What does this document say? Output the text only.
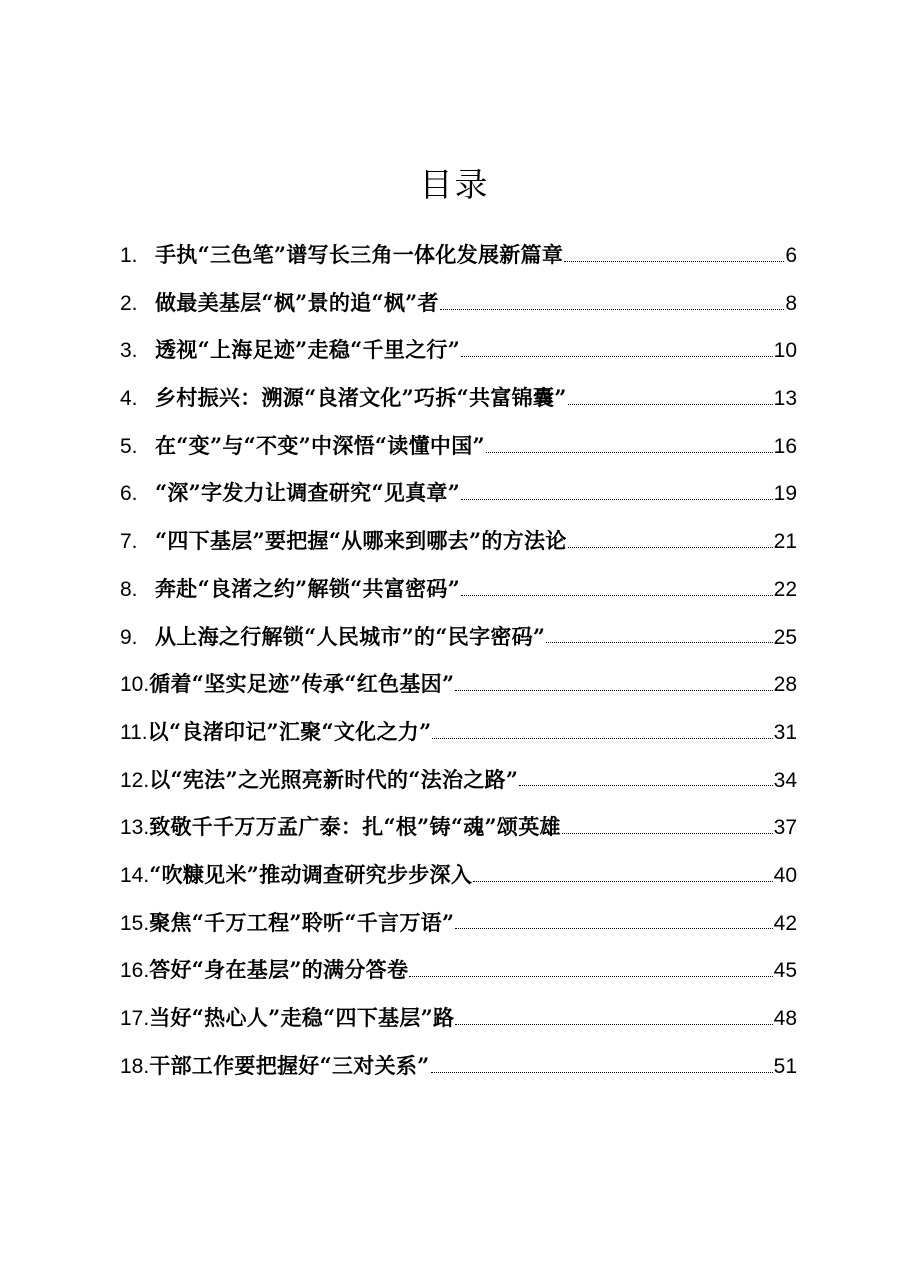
目录
1. 手执“三色笔”谱写长三角一体化发展新篇章	6
2. 做最美基层“枫”景的追“枫”者	8
3. 透视“上海足迹”走稳“千里之行”	10
4. 乡村振兴：溯源“良渚文化”巧拆“共富锦囊”	13
5. 在“变”与“不变”中深悟“读懂中国”	16
6. “深”字发力让调查研究“见真章”	19
7. “四下基层”要把握“从哪来到哪去”的方法论	21
8. 奔赴“良渚之约”解锁“共富密码”	22
9. 从上海之行解锁“人民城市”的“民字密码”	25
10. 循着“坚实足迹”传承“红色基因”	28
11. 以“良渚印记”汇聚“文化之力”	31
12. 以“宪法”之光照亮新时代的“法治之路”	34
13. 致敬千千万万孟广泰：扎“根”铸“魂”颂英雄	37
14. “吹糠见米”推动调查研究步步深入	40
15. 聚焦“千万工程”聆听“千言万语”	42
16. 答好“身在基层”的满分答卷	45
17. 当好“热心人”走稳“四下基层”路	48
18. 干部工作要把握好“三对关系”	51
